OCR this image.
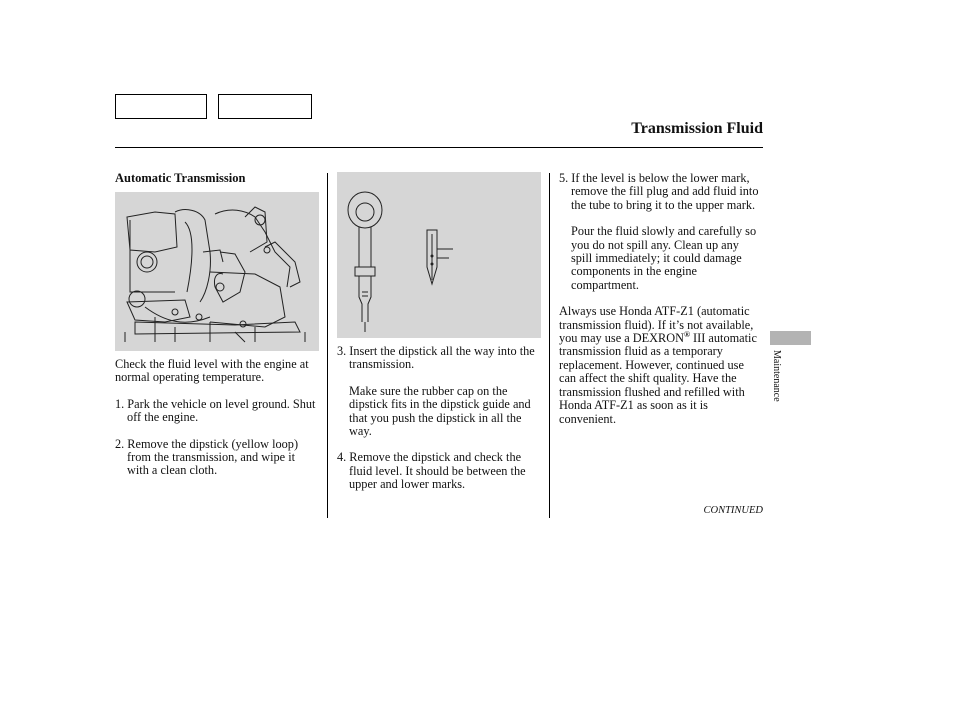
Transmission Fluid

Automatic Transmission

Check the fluid level with the engine at normal operating temperature.

1. Park the vehicle on level ground. Shut off the engine.

2. Remove the dipstick (yellow loop) from the transmission, and wipe it with a clean cloth.

3. Insert the dipstick all the way into the transmission.

Make sure the rubber cap on the dipstick fits in the dipstick guide and that you push the dipstick in all the way.

4. Remove the dipstick and check the fluid level. It should be between the upper and lower marks.

5. If the level is below the lower mark, remove the fill plug and add fluid into the tube to bring it to the upper mark.

Pour the fluid slowly and carefully so you do not spill any. Clean up any spill immediately; it could damage components in the engine compartment.

Always use Honda ATF-Z1 (automatic transmission fluid). If it’s not available, you may use a DEXRON® III automatic transmission fluid as a temporary replacement. However, continued use can affect the shift quality. Have the transmission flushed and refilled with Honda ATF-Z1 as soon as it is convenient.

Maintenance
CONTINUED
